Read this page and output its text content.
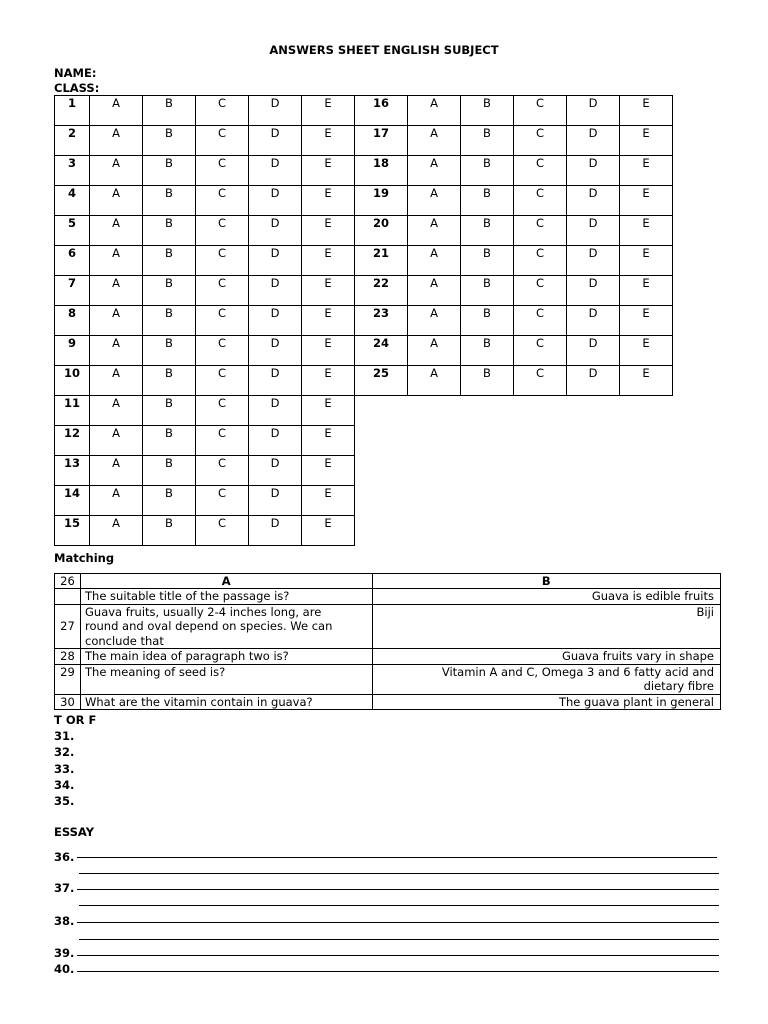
ANSWERS SHEET ENGLISH SUBJECT
NAME:
CLASS:
1	A	B	C	D	E	16	A	B	C	D	E

2	A	B	C	D	E	17	A	B	C	D	E

3	A	B	C	D	E	18	A	B	C	D	E

4	A	B	C	D	E	19	A	B	C	D	E

5	A	B	C	D	E	20	A	B	C	D	E

6	A	B	C	D	E	21	A	B	C	D	E

7	A	B	C	D	E	22	A	B	C	D	E

8	A	B	C	D	E	23	A	B	C	D	E

9	A	B	C	D	E	24	A	B	C	D	E

10	A	B	C	D	E	25	A	B	C	D	E

11	A	B	C	D	E						

12	A	B	C	D	E						

13	A	B	C	D	E						

14	A	B	C	D	E						

15	A	B	C	D	E						
Matching
26	A	B
	The suitable title of the passage is?	Guava is edible fruits
27	Guava fruits, usually 2-4 inches long, are round and oval depend on species. We can conclude that	Biji
28	The main idea of paragraph two is?	Guava fruits vary in shape
29	The meaning of seed is?	Vitamin A and C, Omega 3 and 6 fatty acid and dietary fibre
30	What are the vitamin contain in guava?	The guava plant in general
T OR F
31.
32.
33.
34.
35.
ESSAY
36.
37.
38.
39.
40.
